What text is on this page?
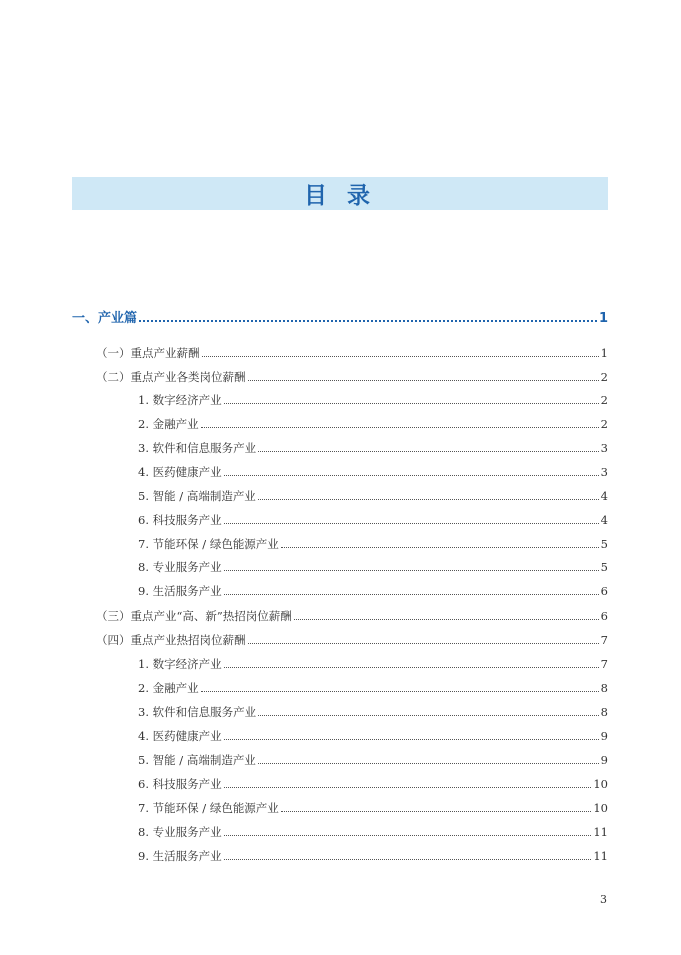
目 录
一、产业篇	1
（一）重点产业薪酬	1
（二）重点产业各类岗位薪酬	2
1. 数字经济产业	2
2. 金融产业	2
3. 软件和信息服务产业	3
4. 医药健康产业	3
5. 智能 / 高端制造产业	4
6. 科技服务产业	4
7. 节能环保 / 绿色能源产业	5
8. 专业服务产业	5
9. 生活服务产业	6
（三）重点产业“高、新”热招岗位薪酬	6
（四）重点产业热招岗位薪酬	7
1. 数字经济产业	7
2. 金融产业	8
3. 软件和信息服务产业	8
4. 医药健康产业	9
5. 智能 / 高端制造产业	9
6. 科技服务产业	10
7. 节能环保 / 绿色能源产业	10
8. 专业服务产业	11
9. 生活服务产业	11
3
